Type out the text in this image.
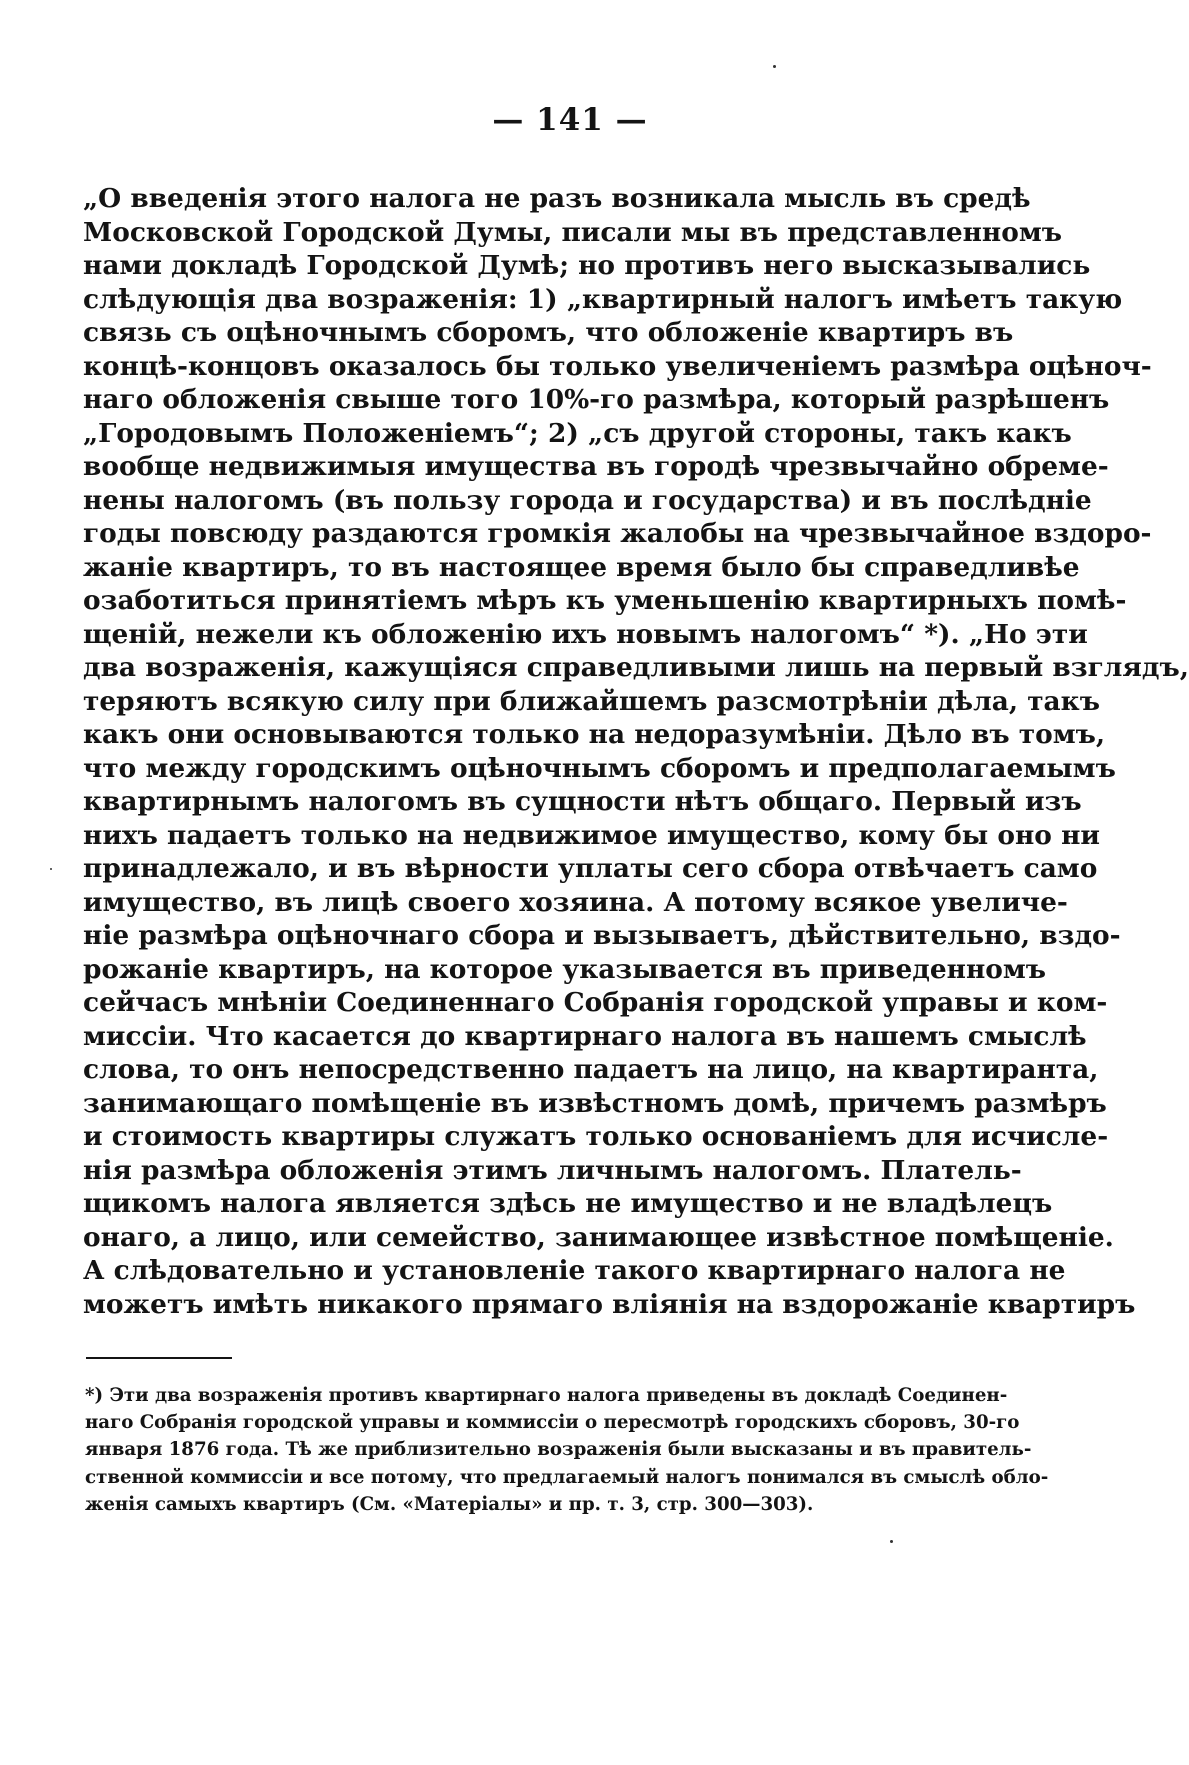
— 141 —
„О введенія этого налога не разъ возникала мысль въ средѣ
Московской Городской Думы, писали мы въ представленномъ
нами докладѣ Городской Думѣ; но противъ него высказывались
слѣдующія два возраженія: 1) „квартирный налогъ имѣетъ такую
связь съ оцѣночнымъ сборомъ, что обложеніе квартиръ въ
концѣ-концовъ оказалось бы только увеличеніемъ размѣра оцѣноч-
наго обложенія свыше того 10%-го размѣра, который разрѣшенъ
„Городовымъ Положеніемъ“; 2) „съ другой стороны, такъ какъ
вообще недвижимыя имущества въ городѣ чрезвычайно обреме-
нены налогомъ (въ пользу города и государства) и въ послѣдніе
годы повсюду раздаются громкія жалобы на чрезвычайное вздоро-
жаніе квартиръ, то въ настоящее время было бы справедливѣе
озаботиться принятіемъ мѣръ къ уменьшенію квартирныхъ помѣ-
щеній, нежели къ обложенію ихъ новымъ налогомъ“ *). „Но эти
два возраженія, кажущіяся справедливыми лишь на первый взглядъ,
теряютъ всякую силу при ближайшемъ разсмотрѣніи дѣла, такъ
какъ они основываются только на недоразумѣніи. Дѣло въ томъ,
что между городскимъ оцѣночнымъ сборомъ и предполагаемымъ
квартирнымъ налогомъ въ сущности нѣтъ общаго. Первый изъ
нихъ падаетъ только на недвижимое имущество, кому бы оно ни
принадлежало, и въ вѣрности уплаты сего сбора отвѣчаетъ само
имущество, въ лицѣ своего хозяина. А потому всякое увеличе-
ніе размѣра оцѣночнаго сбора и вызываетъ, дѣйствительно, вздо-
рожаніе квартиръ, на которое указывается въ приведенномъ
сейчасъ мнѣніи Соединеннаго Собранія городской управы и ком-
миссіи. Что касается до квартирнаго налога въ нашемъ смыслѣ
слова, то онъ непосредственно падаетъ на лицо, на квартиранта,
занимающаго помѣщеніе въ извѣстномъ домѣ, причемъ размѣръ
и стоимость квартиры служатъ только основаніемъ для исчисле-
нія размѣра обложенія этимъ личнымъ налогомъ. Платель-
щикомъ налога является здѣсь не имущество и не владѣлецъ
онаго, а лицо, или семейство, занимающее извѣстное помѣщеніе.
А слѣдовательно и установленіе такого квартирнаго налога не
можетъ имѣть никакого прямаго вліянія на вздорожаніе квартиръ
*) Эти два возраженія противъ квартирнаго налога приведены въ докладѣ Соединен-
наго Собранія городской управы и коммиссіи о пересмотрѣ городскихъ сборовъ, 30-го
января 1876 года. Тѣ же приблизительно возраженія были высказаны и въ правитель-
ственной коммиссіи и все потому, что предлагаемый налогъ понимался въ смыслѣ обло-
женія самыхъ квартиръ (См. «Матеріалы» и пр. т. 3, стр. 300—303).
